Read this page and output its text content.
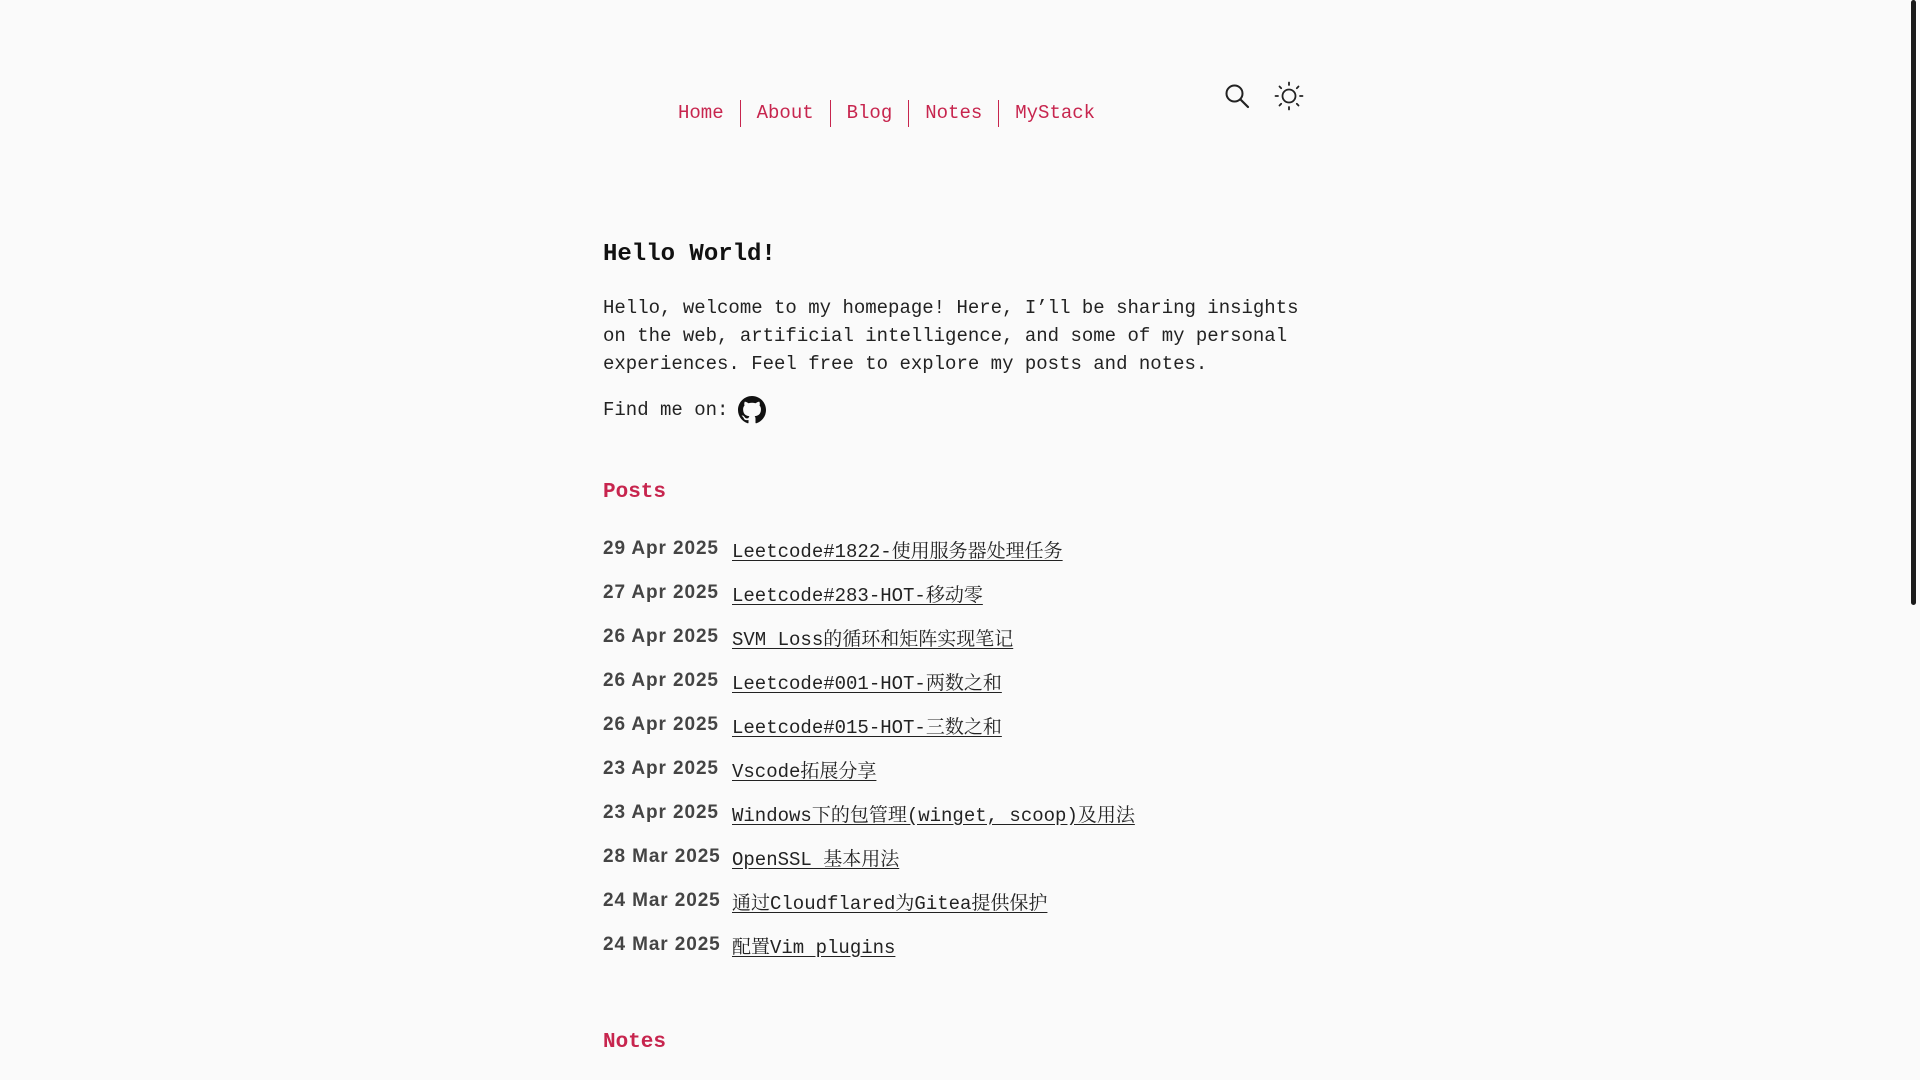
Home	About	Blog	Notes	MyStack
Hello World!

Hello, welcome to my homepage! Here, I’ll be sharing insights on the web, artificial intelligence, and some of my personal experiences. Feel free to explore my posts and notes.

Find me on:
Posts
29 Apr 2025 Leetcode#1822-使用服务器处理任务
27 Apr 2025 Leetcode#283-HOT-移动零
26 Apr 2025 SVM Loss的循环和矩阵实现笔记
26 Apr 2025 Leetcode#001-HOT-两数之和
26 Apr 2025 Leetcode#015-HOT-三数之和
23 Apr 2025 Vscode拓展分享
23 Apr 2025 Windows下的包管理(winget, scoop)及用法
28 Mar 2025 OpenSSL 基本用法
24 Mar 2025 通过Cloudflared为Gitea提供保护
24 Mar 2025 配置Vim plugins
Notes
